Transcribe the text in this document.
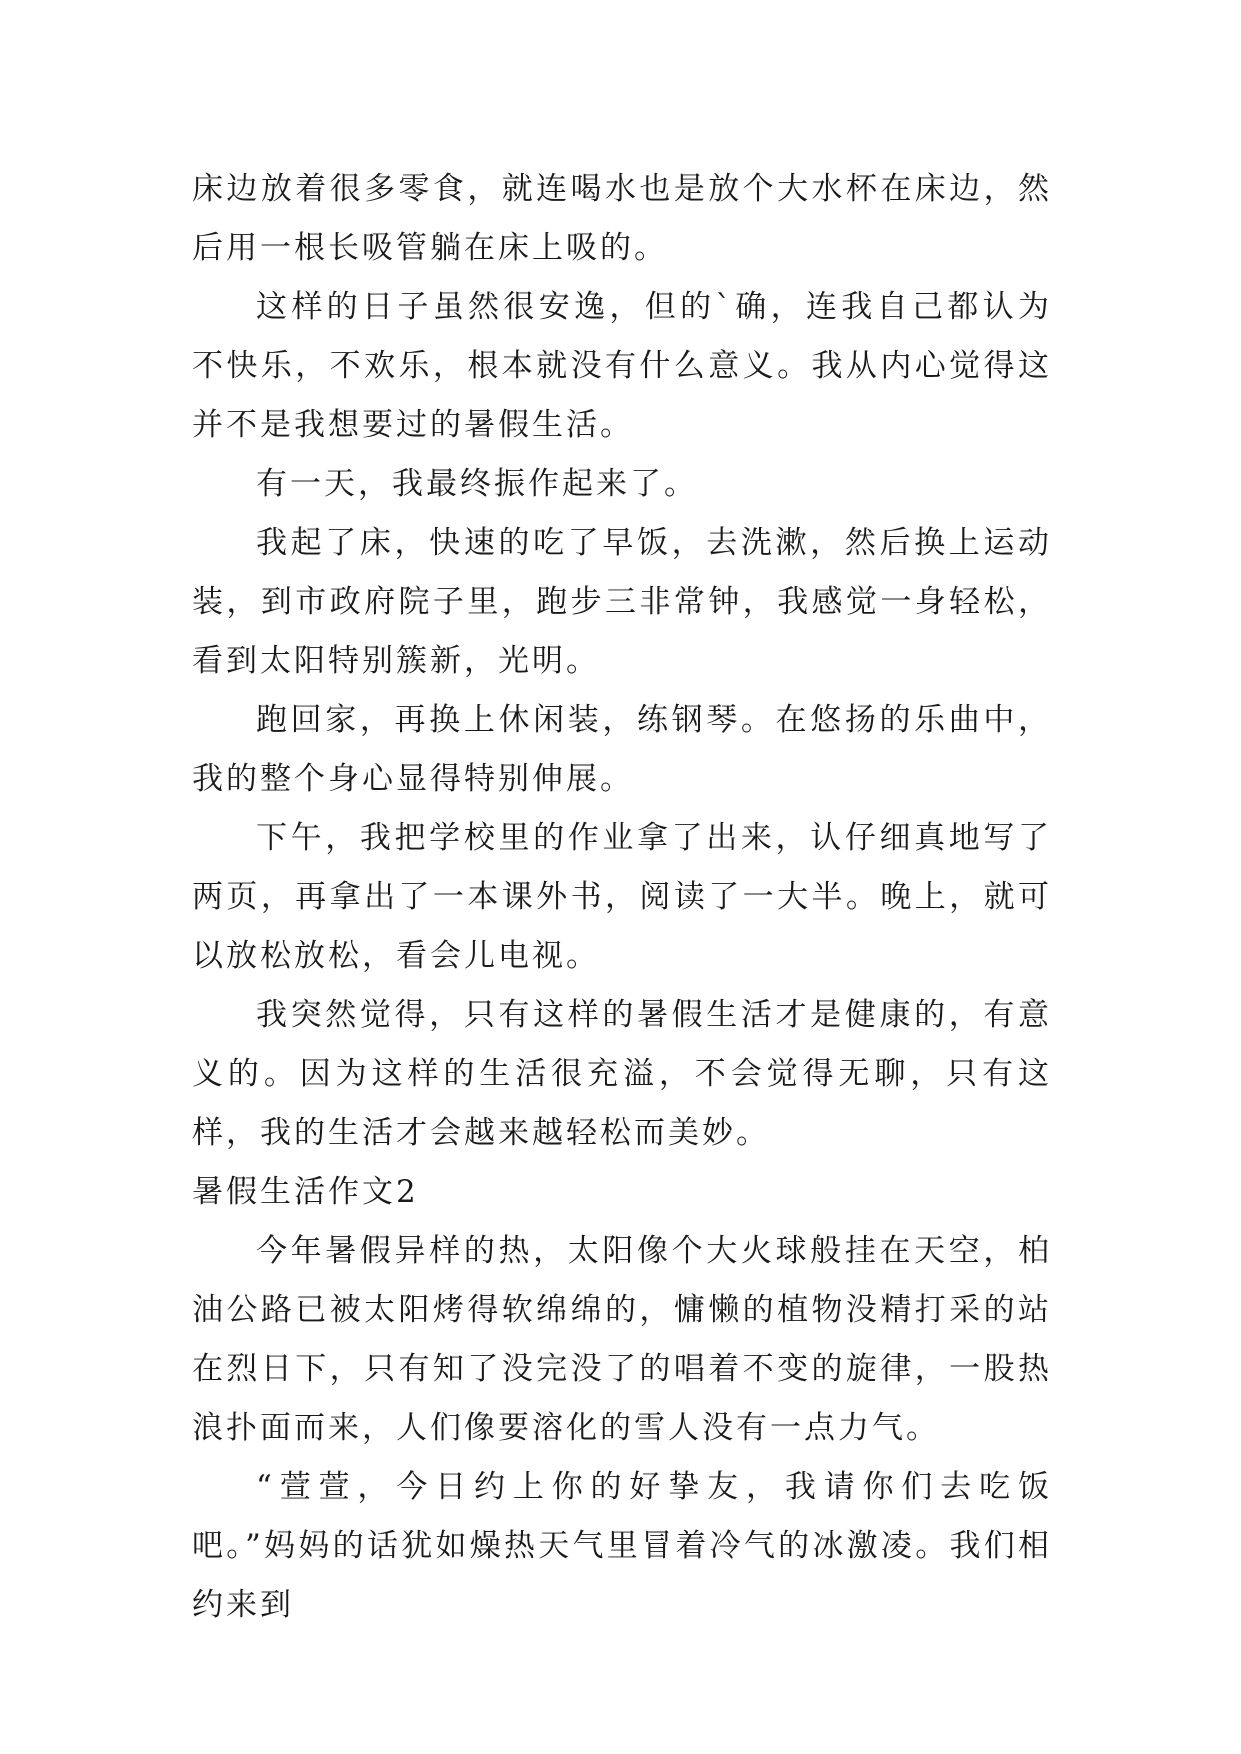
床边放着很多零食，就连喝水也是放个大水杯在床边，然后用一根长吸管躺在床上吸的。

这样的日子虽然很安逸，但的`确，连我自己都认为不快乐，不欢乐，根本就没有什么意义。我从内心觉得这并不是我想要过的暑假生活。

有一天，我最终振作起来了。

我起了床，快速的吃了早饭，去洗漱，然后换上运动装，到市政府院子里，跑步三非常钟，我感觉一身轻松，看到太阳特别簇新，光明。

跑回家，再换上休闲装，练钢琴。在悠扬的乐曲中，我的整个身心显得特别伸展。

下午，我把学校里的作业拿了出来，认仔细真地写了两页，再拿出了一本课外书，阅读了一大半。晚上，就可以放松放松，看会儿电视。

我突然觉得，只有这样的暑假生活才是健康的，有意义的。因为这样的生活很充溢，不会觉得无聊，只有这样，我的生活才会越来越轻松而美妙。

暑假生活作文2

今年暑假异样的热，太阳像个大火球般挂在天空，柏油公路已被太阳烤得软绵绵的，慵懒的植物没精打采的站在烈日下，只有知了没完没了的唱着不变的旋律，一股热浪扑面而来，人们像要溶化的雪人没有一点力气。

“萱萱，今日约上你的好挚友，我请你们去吃饭吧。”妈妈的话犹如燥热天气里冒着冷气的冰激凌。我们相约来到
